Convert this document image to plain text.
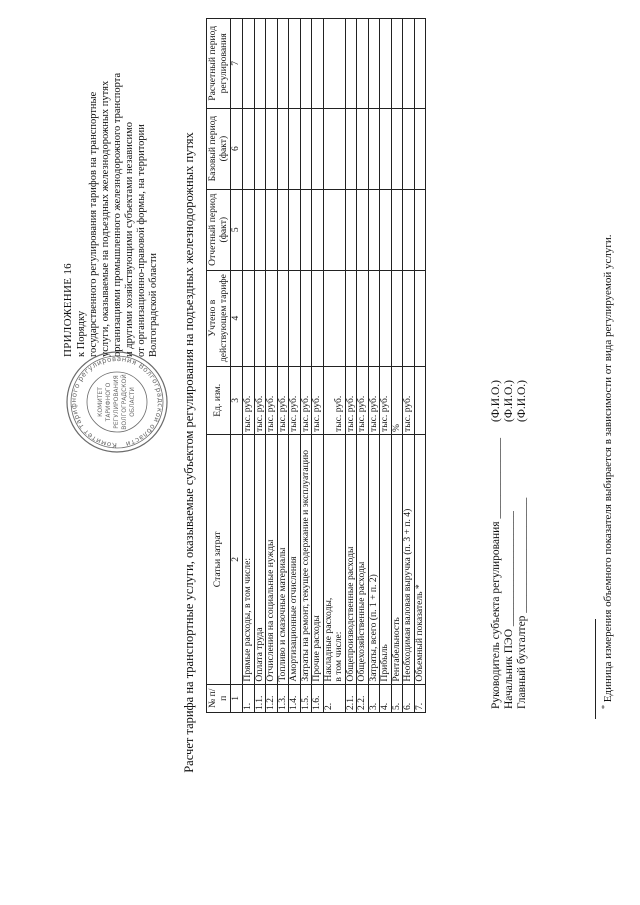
Комитет тарифного регулирования Волгоградской области
КОМИТЕТ ТАРИФНОГО РЕГУЛИРОВАНИЯ ВОЛГОГРАДСКОЙ ОБЛАСТИ
ПРИЛОЖЕНИЕ 16 к Порядку государственного регулирования тарифов на транспортные услуги, оказываемые на подъездных железнодорожных путях организациями промышленного железнодорожного транспорта и другими хозяйствующими субъектами независимо от организационно-правовой формы, на территории Волгоградской области Расчет тарифа на транспортные услуги, оказываемые субъектом регулирования на подъездных железнодорожных путях № п/п	Статьи затрат	Ед. изм.	Учтено в действующем тарифе	Отчетный период (факт)	Базовый период (факт)	Расчетный период регулирования
1	2	3	4	5	6	7
1.	Прямые расходы, в том числе:	тыс. руб.				
1.1.	Оплата труда	тыс. руб.				
1.2.	Отчисления на социальные нужды	тыс. руб.				
1.3.	Топливо и смазочные материалы	тыс. руб.				
1.4.	Амортизационные отчисления	тыс. руб.				
1.5.	Затраты на ремонт, текущее содержание и эксплуатацию	тыс. руб.				
1.6.	Прочие расходы	тыс. руб.				
2.	Накладные расходы, в том числе:	тыс. руб.				
2.1.	Общепроизводственные расходы	тыс. руб.				
2.2.	Общехозяйственные расходы	тыс. руб.				
3.	Затраты, всего (п. 1 + п. 2)	тыс. руб.				
4.	Прибыль	тыс. руб.				
5.	Рентабельность	%				
6.	Необходимая валовая выручка (п. 3 + п. 4)	тыс. руб.				
7.	Объемный показатель *					
						Руководитель субъекта регулирования ______________
(Ф.И.О.)
Начальник ПЭО ____________________
(Ф.И.О.)
Главный бухгалтер ____________________
(Ф.И.О.)
* Единица измерения объемного показателя выбирается в зависимости от вида регулируемой услуги.
